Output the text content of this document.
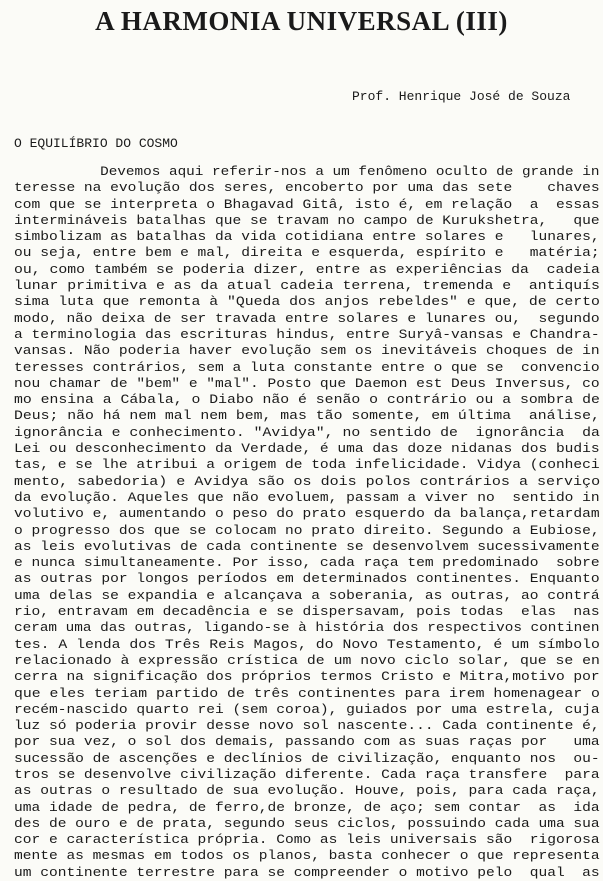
A HARMONIA UNIVERSAL (III)
Prof. Henrique José de Souza
O EQUILÍBRIO DO COSMO
Devemos aqui referir-nos a um fenômeno oculto de grande in
teresse na evolução dos seres, encoberto por uma das sete    chaves
com que se interpreta o Bhagavad Gitâ, isto é, em relação  a  essas
intermináveis batalhas que se travam no campo de Kurukshetra,   que
simbolizam as batalhas da vida cotidiana entre solares e   lunares,
ou seja, entre bem e mal, direita e esquerda, espírito e   matéria;
ou, como também se poderia dizer, entre as experiências da  cadeia
lunar primitiva e as da atual cadeia terrena, tremenda e  antiquís
sima luta que remonta à "Queda dos anjos rebeldes" e que, de certo
modo, não deixa de ser travada entre solares e lunares ou,  segundo
a terminologia das escrituras hindus, entre Suryâ-vansas e Chandra-
vansas. Não poderia haver evolução sem os inevitáveis choques de in
teresses contrários, sem a luta constante entre o que se  convencio
nou chamar de "bem" e "mal". Posto que Daemon est Deus Inversus, co
mo ensina a Cábala, o Diabo não é senão o contrário ou a sombra de
Deus; não há nem mal nem bem, mas tão somente, em última  análise,
ignorância e conhecimento. "Avidya", no sentido de  ignorância  da
Lei ou desconhecimento da Verdade, é uma das doze nidanas dos budis
tas, e se lhe atribui a origem de toda infelicidade. Vidya (conheci
mento, sabedoria) e Avidya são os dois polos contrários a serviço
da evolução. Aqueles que não evoluem, passam a viver no  sentido in
volutivo e, aumentando o peso do prato esquerdo da balança,retardam
o progresso dos que se colocam no prato direito. Segundo a Eubiose,
as leis evolutivas de cada continente se desenvolvem sucessivamente
e nunca simultaneamente. Por isso, cada raça tem predominado  sobre
as outras por longos períodos em determinados continentes. Enquanto
uma delas se expandia e alcançava a soberania, as outras, ao contrá
rio, entravam em decadência e se dispersavam, pois todas  elas  nas
ceram uma das outras, ligando-se à história dos respectivos continen
tes. A lenda dos Três Reis Magos, do Novo Testamento, é um símbolo
relacionado à expressão crística de um novo ciclo solar, que se en
cerra na significação dos próprios termos Cristo e Mitra,motivo por
que eles teriam partido de três continentes para irem homenagear o
recém-nascido quarto rei (sem coroa), guiados por uma estrela, cuja
luz só poderia provir desse novo sol nascente... Cada continente é,
por sua vez, o sol dos demais, passando com as suas raças por   uma
sucessão de ascenções e declínios de civilização, enquanto nos  ou-
tros se desenvolve civilização diferente. Cada raça transfere  para
as outras o resultado de sua evolução. Houve, pois, para cada raça,
uma idade de pedra, de ferro,de bronze, de aço; sem contar  as  ida
des de ouro e de prata, segundo seus ciclos, possuindo cada uma sua
cor e característica própria. Como as leis universais são  rigorosa
mente as mesmas em todos os planos, basta conhecer o que representa
um continente terrestre para se compreender o motivo pelo  qual  as
